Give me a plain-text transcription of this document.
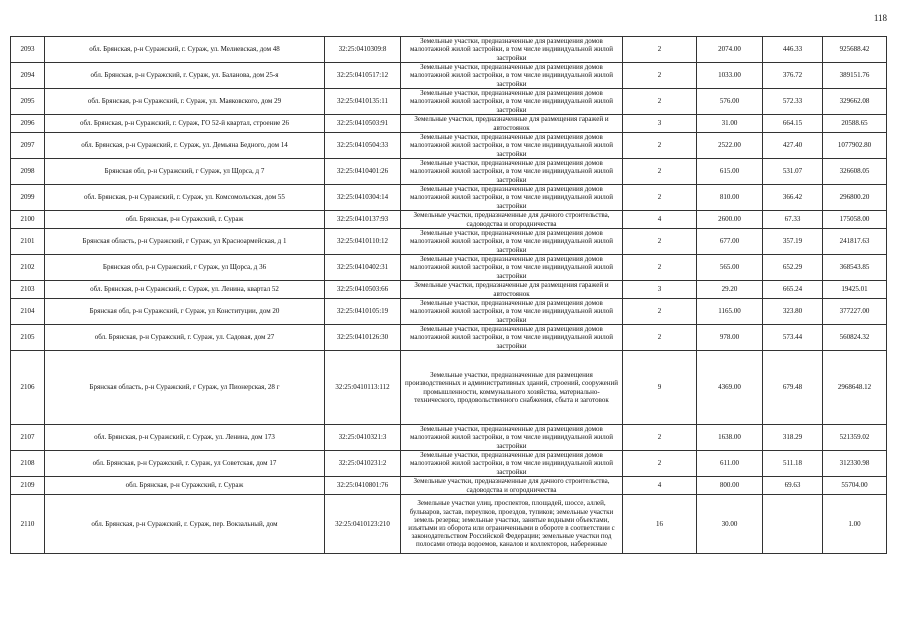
118
2093	обл. Брянская, р-н Суражский, г. Сураж, ул. Мелиевская, дом 48	32:25:0410309:8	Земельные участки, предназначенные для размещения домов малоэтажной жилой застройки, в том числе индивидуальной жилой застройки	2	2074.00	446.33	925688.42
2094	обл. Брянская, р-н Суражский, г. Сураж, ул. Баланова, дом 25-я	32:25:0410517:12	Земельные участки, предназначенные для размещения домов малоэтажной жилой застройки, в том числе индивидуальной жилой застройки	2	1033.00	376.72	389151.76
2095	обл. Брянская, р-н Суражский, г. Сураж, ул. Маяковского, дом 29	32:25:0410135:11	Земельные участки, предназначенные для размещения домов малоэтажной жилой застройки, в том числе индивидуальной жилой застройки	2	576.00	572.33	329662.08
2096	обл. Брянская, р-н Суражский, г. Сураж, ГО 52-й квартал, строение 26	32:25:0410503:91	Земельные участки, предназначенные для размещения гаражей и автостоянок	3	31.00	664.15	20588.65
2097	обл. Брянская, р-н Суражский, г. Сураж, ул. Демьяна Бедного, дом 14	32:25:0410504:33	Земельные участки, предназначенные для размещения домов малоэтажной жилой застройки, в том числе индивидуальной жилой застройки	2	2522.00	427.40	1077902.80
2098	Брянская обл, р-н Суражский, г Сураж, ул Щорса, д 7	32:25:0410401:26	Земельные участки, предназначенные для размещения домов малоэтажной жилой застройки, в том числе индивидуальной жилой застройки	2	615.00	531.07	326608.05
2099	обл. Брянская, р-н Суражский, г. Сураж, ул. Комсомольская, дом 55	32:25:0410304:14	Земельные участки, предназначенные для размещения домов малоэтажной жилой застройки, в том числе индивидуальной жилой застройки	2	810.00	366.42	296800.20
2100	обл. Брянская, р-н Суражский, г. Сураж	32:25:0410137:93	Земельные участки, предназначенные для дачного строительства, садоводства и огородничества	4	2600.00	67.33	175058.00
2101	Брянская область, р-н Суражский, г Сураж, ул Красноармейская, д 1	32:25:0410110:12	Земельные участки, предназначенные для размещения домов малоэтажной жилой застройки, в том числе индивидуальной жилой застройки	2	677.00	357.19	241817.63
2102	Брянская обл, р-н Суражский, г Сураж, ул Щорса, д 36	32:25:0410402:31	Земельные участки, предназначенные для размещения домов малоэтажной жилой застройки, в том числе индивидуальной жилой застройки	2	565.00	652.29	368543.85
2103	обл. Брянская, р-н Суражский, г. Сураж, ул. Ленина, квартал 52	32:25:0410503:66	Земельные участки, предназначенные для размещения гаражей и автостоянок	3	29.20	665.24	19425.01
2104	Брянская обл, р-н Суражский, г Сураж, ул Конституции, дом 20	32:25:0410105:19	Земельные участки, предназначенные для размещения домов малоэтажной жилой застройки, в том числе индивидуальной жилой застройки	2	1165.00	323.80	377227.00
2105	обл. Брянская, р-н Суражский, г. Сураж, ул. Садовая, дом 27	32:25:0410126:30	Земельные участки, предназначенные для размещения домов малоэтажной жилой застройки, в том числе индивидуальной жилой застройки	2	978.00	573.44	560824.32
2106	Брянская область, р-н Суражский, г Сураж, ул Пионерская, 28 г	32:25:0410113:112	Земельные участки, предназначенные для размещения производственных и административных зданий, строений, сооружений промышленности, коммунального хозяйства, материально-технического, продовольственного снабжения, сбыта и заготовок	9	4369.00	679.48	2968648.12
2107	обл. Брянская, р-н Суражский, г. Сураж, ул. Ленина, дом 173	32:25:0410321:3	Земельные участки, предназначенные для размещения домов малоэтажной жилой застройки, в том числе индивидуальной жилой застройки	2	1638.00	318.29	521359.02
2108	обл. Брянская, р-н Суражский, г. Сураж, ул Советская, дом 17	32:25:0410231:2	Земельные участки, предназначенные для размещения домов малоэтажной жилой застройки, в том числе индивидуальной жилой застройки	2	611.00	511.18	312330.98
2109	обл. Брянская, р-н Суражский, г. Сураж	32:25:0410801:76	Земельные участки, предназначенные для дачного строительства, садоводства и огородничества	4	800.00	69.63	55704.00
2110	обл. Брянская, р-н Суражский, г. Сураж, пер. Вокзальный, дом	32:25:0410123:210	Земельные участки улиц, проспектов, площадей, шоссе, аллей, бульваров, застав, переулков, проездов, тупиков; земельные участки земель резерва; земельные участки, занятые водными объектами, изъятыми из оборота или ограниченными в обороте в соответствии с законодательством Российской Федерации; земельные участки под полосами отвода водоемов, каналов и коллекторов, набережные	16	30.00		1.00
